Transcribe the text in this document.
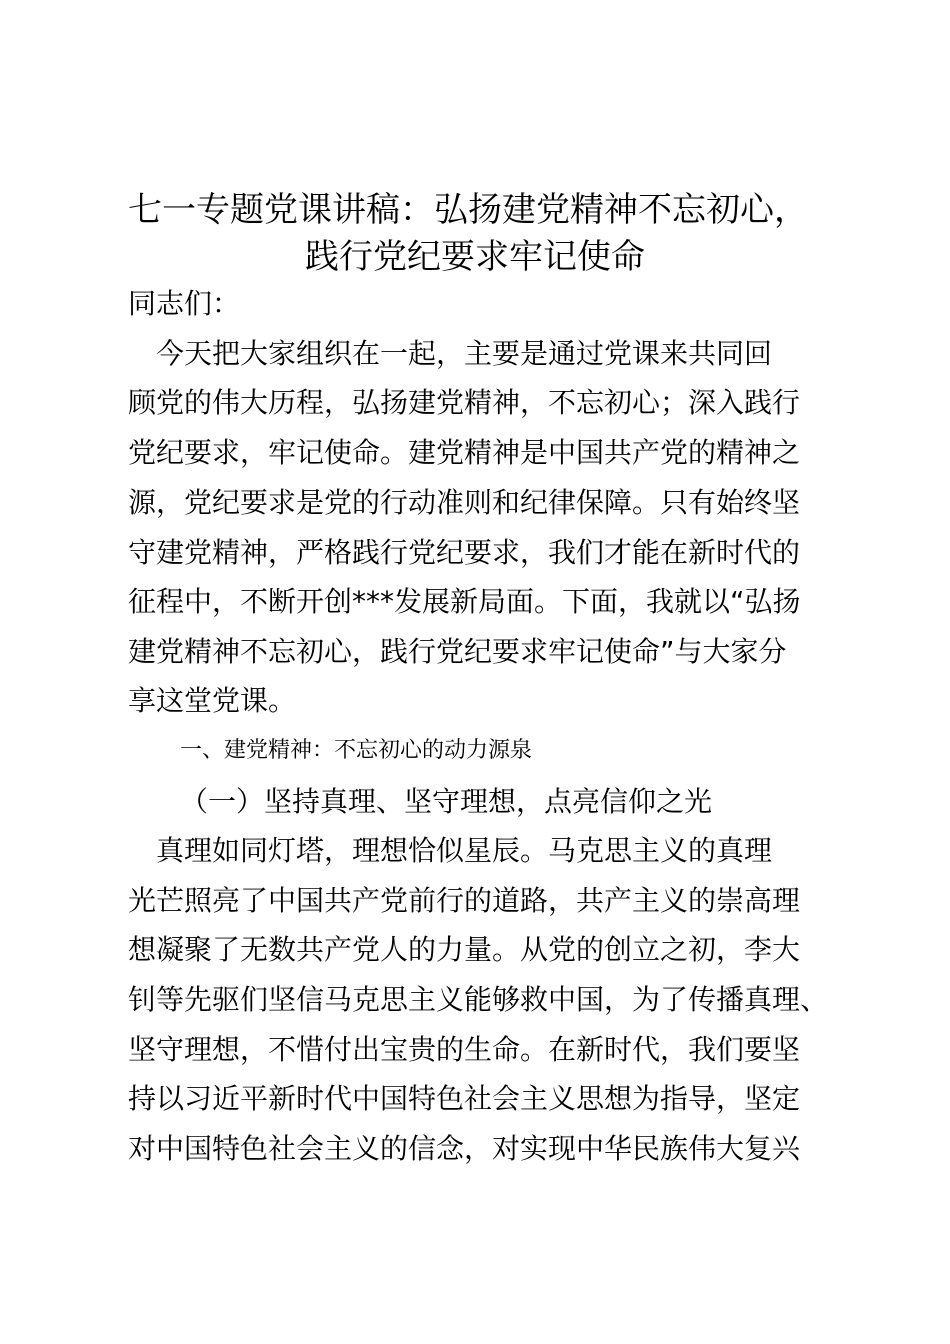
七一专题党课讲稿：弘扬建党精神不忘初心，
践行党纪要求牢记使命
同志们：
　今天把大家组织在一起，主要是通过党课来共同回
顾党的伟大历程，弘扬建党精神，不忘初心；深入践行
党纪要求，牢记使命。建党精神是中国共产党的精神之
源，党纪要求是党的行动准则和纪律保障。只有始终坚
守建党精神，严格践行党纪要求，我们才能在新时代的
征程中，不断开创***发展新局面。下面，我就以“弘扬
建党精神不忘初心，践行党纪要求牢记使命”与大家分
享这堂党课。
一、建党精神：不忘初心的动力源泉
（一）坚持真理、坚守理想，点亮信仰之光
　真理如同灯塔，理想恰似星辰。马克思主义的真理
光芒照亮了中国共产党前行的道路，共产主义的崇高理
想凝聚了无数共产党人的力量。从党的创立之初，李大
钊等先驱们坚信马克思主义能够救中国，为了传播真理、
坚守理想，不惜付出宝贵的生命。在新时代，我们要坚
持以习近平新时代中国特色社会主义思想为指导，坚定
对中国特色社会主义的信念，对实现中华民族伟大复兴
